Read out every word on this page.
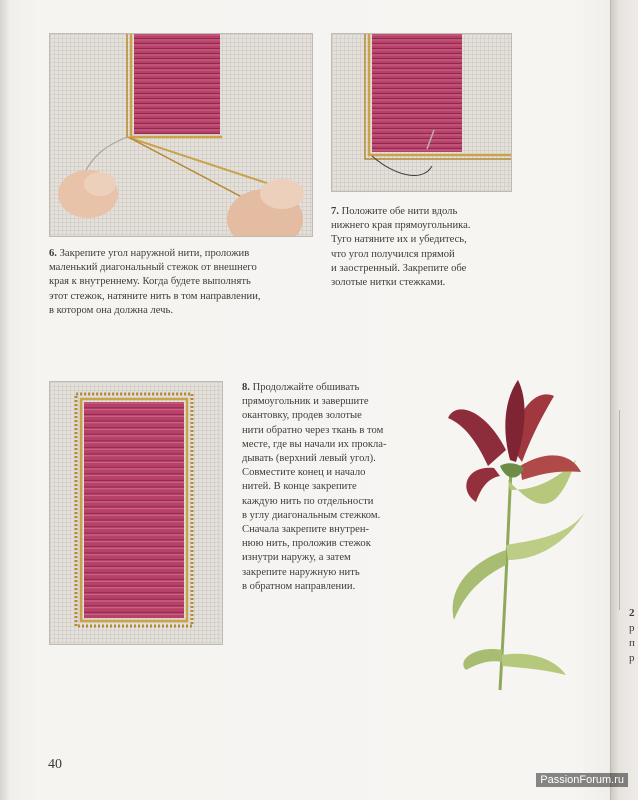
2
р
п
р
6. Закрепите угол наружной нити, проложив
маленький диагональный стежок от внешнего
края к внутреннему. Когда будете выполнять
этот стежок, натяните нить в том направлении,
в котором она должна лечь.
7. Положите обе нити вдоль
нижнего края прямоугольника.
Туго натяните их и убедитесь,
что угол получился прямой
и заостренный. Закрепите обе
золотые нитки стежками.
8. Продолжайте обшивать
прямоугольник и завершите
окантовку, продев золотые
нити обратно через ткань в том
месте, где вы начали их прокла-
дывать (верхний левый угол).
Совместите конец и начало
нитей. В конце закрепите
каждую нить по отдельности
в углу диагональным стежком.
Сначала закрепите внутрен-
нюю нить, проложив стежок
изнутри наружу, а затем
закрепите наружную нить
в обратном направлении.
40
PassionForum.ru
